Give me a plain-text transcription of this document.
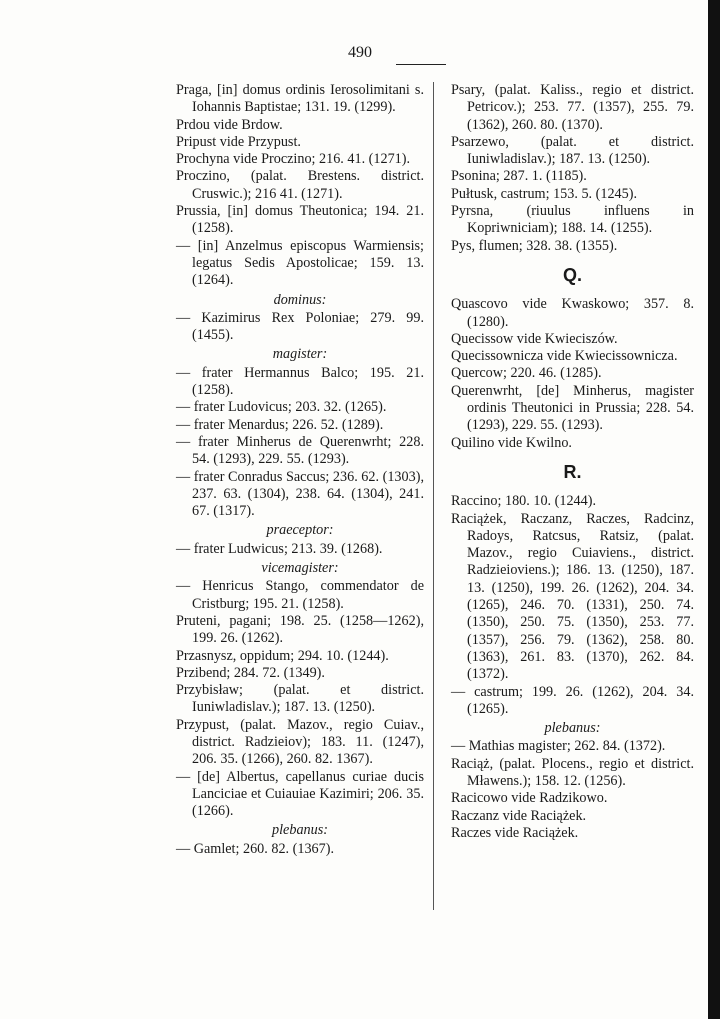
490
Praga, [in] domus ordinis Ierosolimitani s. Iohannis Baptistae; 131. 19. (1299).
Prdou vide Brdow.
Pripust vide Przypust.
Prochyna vide Proczino; 216. 41. (1271).
Proczino, (palat. Brestens. district. Cruswic.); 216 41. (1271).
Prussia, [in] domus Theutonica; 194. 21. (1258).
— [in] Anzelmus episcopus Warmiensis; legatus Sedis Apostolicae; 159. 13. (1264).
dominus:
— Kazimirus Rex Poloniae; 279. 99. (1455).
magister:
— frater Hermannus Balco; 195. 21. (1258).
— frater Ludovicus; 203. 32. (1265).
— frater Menardus; 226. 52. (1289).
— frater Minherus de Querenwrht; 228. 54. (1293), 229. 55. (1293).
— frater Conradus Saccus; 236. 62. (1303), 237. 63. (1304), 238. 64. (1304), 241. 67. (1317).
praeceptor:
— frater Ludwicus; 213. 39. (1268).
vicemagister:
— Henricus Stango, commendator de Cristburg; 195. 21. (1258).
Pruteni, pagani; 198. 25. (1258—1262), 199. 26. (1262).
Przasnysz, oppidum; 294. 10. (1244).
Przibend; 284. 72. (1349).
Przybisław; (palat. et district. Iuniwladislav.); 187. 13. (1250).
Przypust, (palat. Mazov., regio Cuiav., district. Radzieiov); 183. 11. (1247), 206. 35. (1266), 260. 82. 1367).
— [de] Albertus, capellanus curiae ducis Lanciciae et Cuiauiae Kazimiri; 206. 35. (1266).
plebanus:
— Gamlet; 260. 82. (1367).
Psary, (palat. Kaliss., regio et district. Petricov.); 253. 77. (1357), 255. 79. (1362), 260. 80. (1370).
Psarzewo, (palat. et district. Iuniwladislav.); 187. 13. (1250).
Psonina; 287. 1. (1185).
Pułtusk, castrum; 153. 5. (1245).
Pyrsna, (riuulus influens in Kopriwniciam); 188. 14. (1255).
Pys, flumen; 328. 38. (1355).
Q.
Quascovo vide Kwaskowo; 357. 8. (1280).
Quecissow vide Kwieciszów.
Quecissownicza vide Kwiecissownicza.
Quercow; 220. 46. (1285).
Querenwrht, [de] Minherus, magister ordinis Theutonici in Prussia; 228. 54. (1293), 229. 55. (1293).
Quilino vide Kwilno.
R.
Raccino; 180. 10. (1244).
Raciążek, Raczanz, Raczes, Radcinz, Radoys, Ratcsus, Ratsiz, (palat. Mazov., regio Cuiaviens., district. Radzieioviens.); 186. 13. (1250), 187. 13. (1250), 199. 26. (1262), 204. 34. (1265), 246. 70. (1331), 250. 74. (1350), 250. 75. (1350), 253. 77. (1357), 256. 79. (1362), 258. 80. (1363), 261. 83. (1370), 262. 84. (1372).
— castrum; 199. 26. (1262), 204. 34. (1265).
plebanus:
— Mathias magister; 262. 84. (1372).
Raciąż, (palat. Plocens., regio et district. Mławens.); 158. 12. (1256).
Racicowo vide Radzikowo.
Raczanz vide Raciążek.
Raczes vide Raciążek.
